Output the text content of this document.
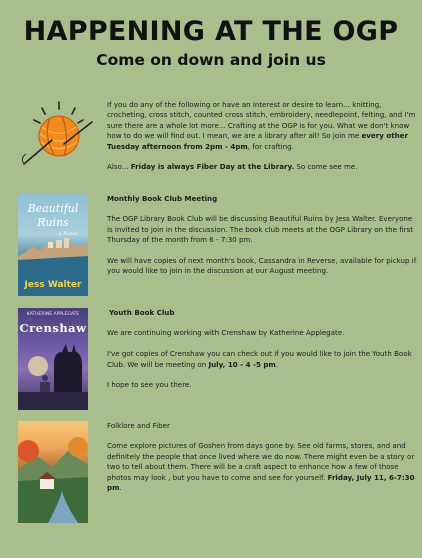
HAPPENING AT THE OGP
Come on down and join us

If you do any of the following or have an interest or desire to learn... knitting, crocheting, cross stitch, counted cross stitch, embroidery, needlepoint, felting, and I'm sure there are a whole lot more... Crafting at the OGP is for you. What we don't know how to do we will find out. I mean, we are a library after all! So join me every other Tuesday afternoon from 2pm - 4pm, for crafting.

Also... Friday is always Fiber Day at the Library. So come see me.

Beautiful Ruins
a Novel
Jess Walter

Monthly Book Club Meeting

The OGP Library Book Club will be discussing Beautiful Ruins by Jess Walter. Everyone is invited to join in the discussion. The book club meets at the OGP Library on the first Thursday of the month from 6 - 7:30 pm.

We will have copies of next month's book, Cassandra in Reverse, available for pickup if you would like to join in the discussion at our August meeting.

KATHERINE APPLEGATE
Crenshaw

Youth Book Club

We are continuing working with Crenshaw by Katherine Applegate.

I've got copies of Crenshaw you can check out if you would like to join the Youth Book Club. We will be meeting on July, 10 - 4 -5 pm.

I hope to see you there.

Folklore and Fiber

Come explore pictures of Goshen from days gone by. See old farms, stores, and and definitely the people that once lived where we do now. There might even be a story or two to tell about them. There will be a craft aspect to enhance how a few of those photos may look , but you have to come and see for yourself. Friday, July 11, 6-7:30 pm.
